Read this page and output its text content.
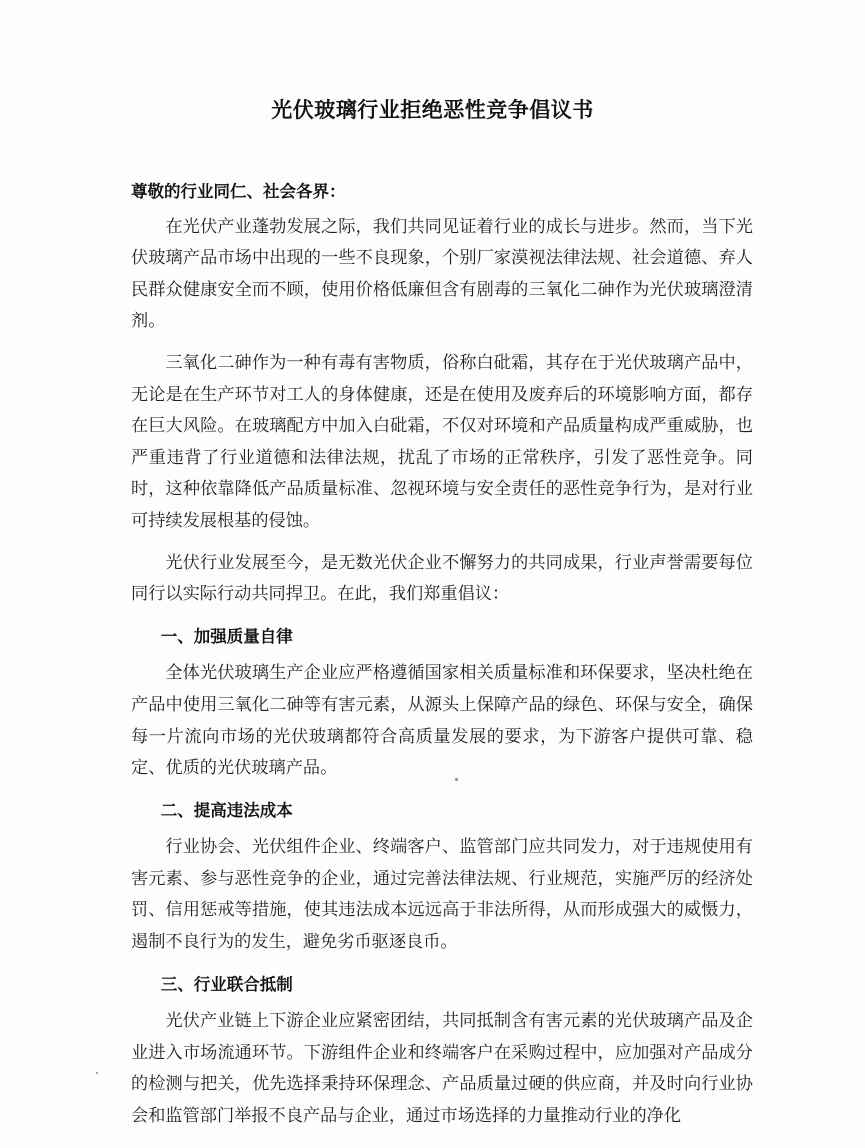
光伏玻璃行业拒绝恶性竞争倡议书

尊敬的行业同仁、社会各界：

在光伏产业蓬勃发展之际，我们共同见证着行业的成长与进步。然而，当下光伏玻璃产品市场中出现的一些不良现象，个别厂家漠视法律法规、社会道德、弃人民群众健康安全而不顾，使用价格低廉但含有剧毒的三氧化二砷作为光伏玻璃澄清剂。

三氧化二砷作为一种有毒有害物质，俗称白砒霜，其存在于光伏玻璃产品中，无论是在生产环节对工人的身体健康，还是在使用及废弃后的环境影响方面，都存在巨大风险。在玻璃配方中加入白砒霜，不仅对环境和产品质量构成严重威胁，也严重违背了行业道德和法律法规，扰乱了市场的正常秩序，引发了恶性竞争。同时，这种依靠降低产品质量标准、忽视环境与安全责任的恶性竞争行为，是对行业可持续发展根基的侵蚀。

光伏行业发展至今，是无数光伏企业不懈努力的共同成果，行业声誉需要每位同行以实际行动共同捍卫。在此，我们郑重倡议：

一、加强质量自律

全体光伏玻璃生产企业应严格遵循国家相关质量标准和环保要求，坚决杜绝在产品中使用三氧化二砷等有害元素，从源头上保障产品的绿色、环保与安全，确保每一片流向市场的光伏玻璃都符合高质量发展的要求，为下游客户提供可靠、稳定、优质的光伏玻璃产品。

二、提高违法成本

行业协会、光伏组件企业、终端客户、监管部门应共同发力，对于违规使用有害元素、参与恶性竞争的企业，通过完善法律法规、行业规范，实施严厉的经济处罚、信用惩戒等措施，使其违法成本远远高于非法所得，从而形成强大的威慑力，遏制不良行为的发生，避免劣币驱逐良币。

三、行业联合抵制

光伏产业链上下游企业应紧密团结，共同抵制含有害元素的光伏玻璃产品及企业进入市场流通环节。下游组件企业和终端客户在采购过程中，应加强对产品成分的检测与把关，优先选择秉持环保理念、产品质量过硬的供应商，并及时向行业协会和监管部门举报不良产品与企业，通过市场选择的力量推动行业的净化
